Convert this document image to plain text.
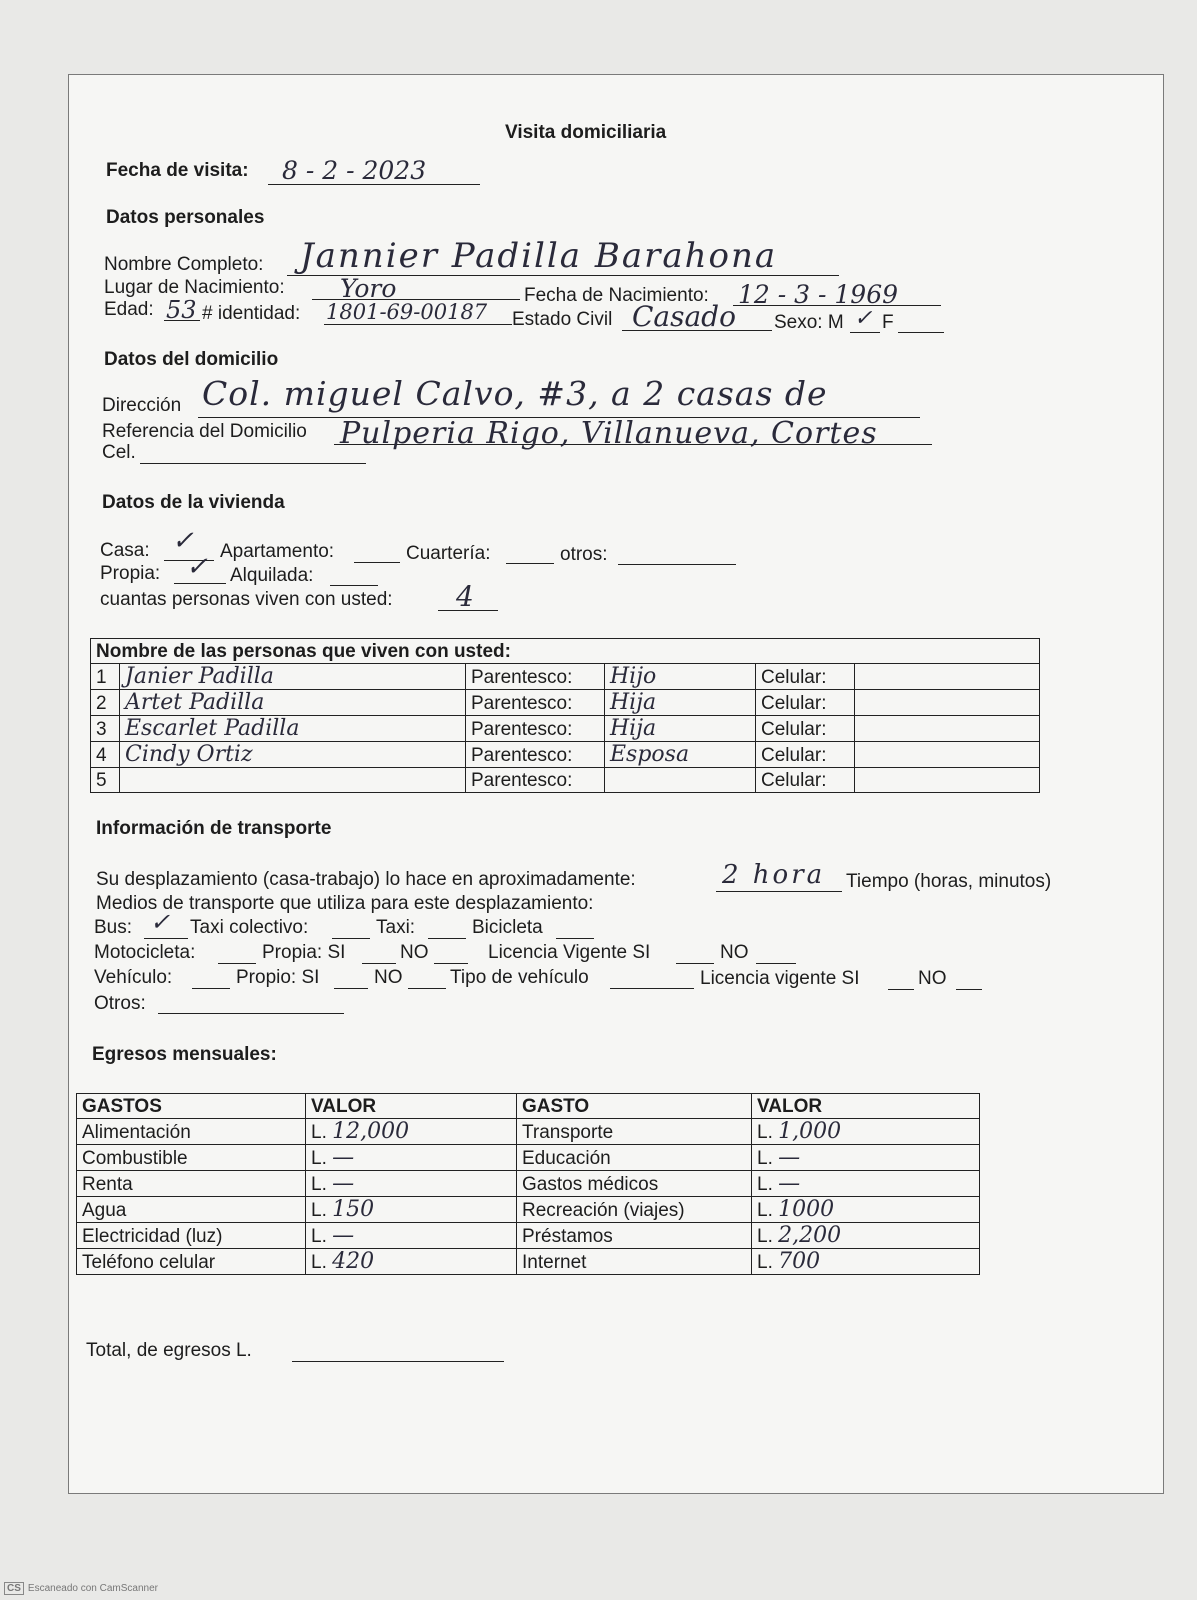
Visita domiciliaria
Fecha de visita: 8 - 2 - 2023
Datos personales
Nombre Completo: Jannier Padilla Barahona
Lugar de Nacimiento: Yoro	Fecha de Nacimiento: 12 - 3 - 1969
Edad: 53 # identidad: 1801-69-00187 Estado Civil Casado Sexo: M ✓ F
Datos del domicilio
Dirección Col. miguel Calvo, #3, a 2 casas de
Referencia del Domicilio Pulperia Rigo, Villanueva, Cortes
Cel.
Datos de la vivienda
Casa: ✓ Apartamento:	Cuartería:	otros:
Propia: ✓ Alquilada:
cuantas personas viven con usted: 4
Nombre de las personas que viven con usted:					
1	Janier Padilla	Parentesco:	Hijo	Celular:	
2	Artet Padilla	Parentesco:	Hija	Celular:	
3	Escarlet Padilla	Parentesco:	Hija	Celular:	
4	Cindy Ortiz	Parentesco:	Esposa	Celular:	
5		Parentesco:		Celular:	
Información de transporte
Su desplazamiento (casa-trabajo) lo hace en aproximadamente:	2 hora Tiempo (horas, minutos)
Medios de transporte que utiliza para este desplazamiento:
Bus: ✓ Taxi colectivo:	Taxi:	Bicicleta
Motocicleta:	Propia: SI	NO	Licencia Vigente SI	NO
Vehículo:	Propio: SI	NO	Tipo de vehículo	Licencia vigente SI	NO
Otros:
Egresos mensuales:
GASTOS	VALOR	GASTO	VALOR
Alimentación	L. 12,000	Transporte	L. 1,000
Combustible	L. —	Educación	L. —
Renta	L. —	Gastos médicos	L. —
Agua	L. 150	Recreación (viajes)	L. 1000
Electricidad (luz)	L. —	Préstamos	L. 2,200
Teléfono celular	L. 420	Internet	L. 700
Total, de egresos L.
CS Escaneado con CamScanner
